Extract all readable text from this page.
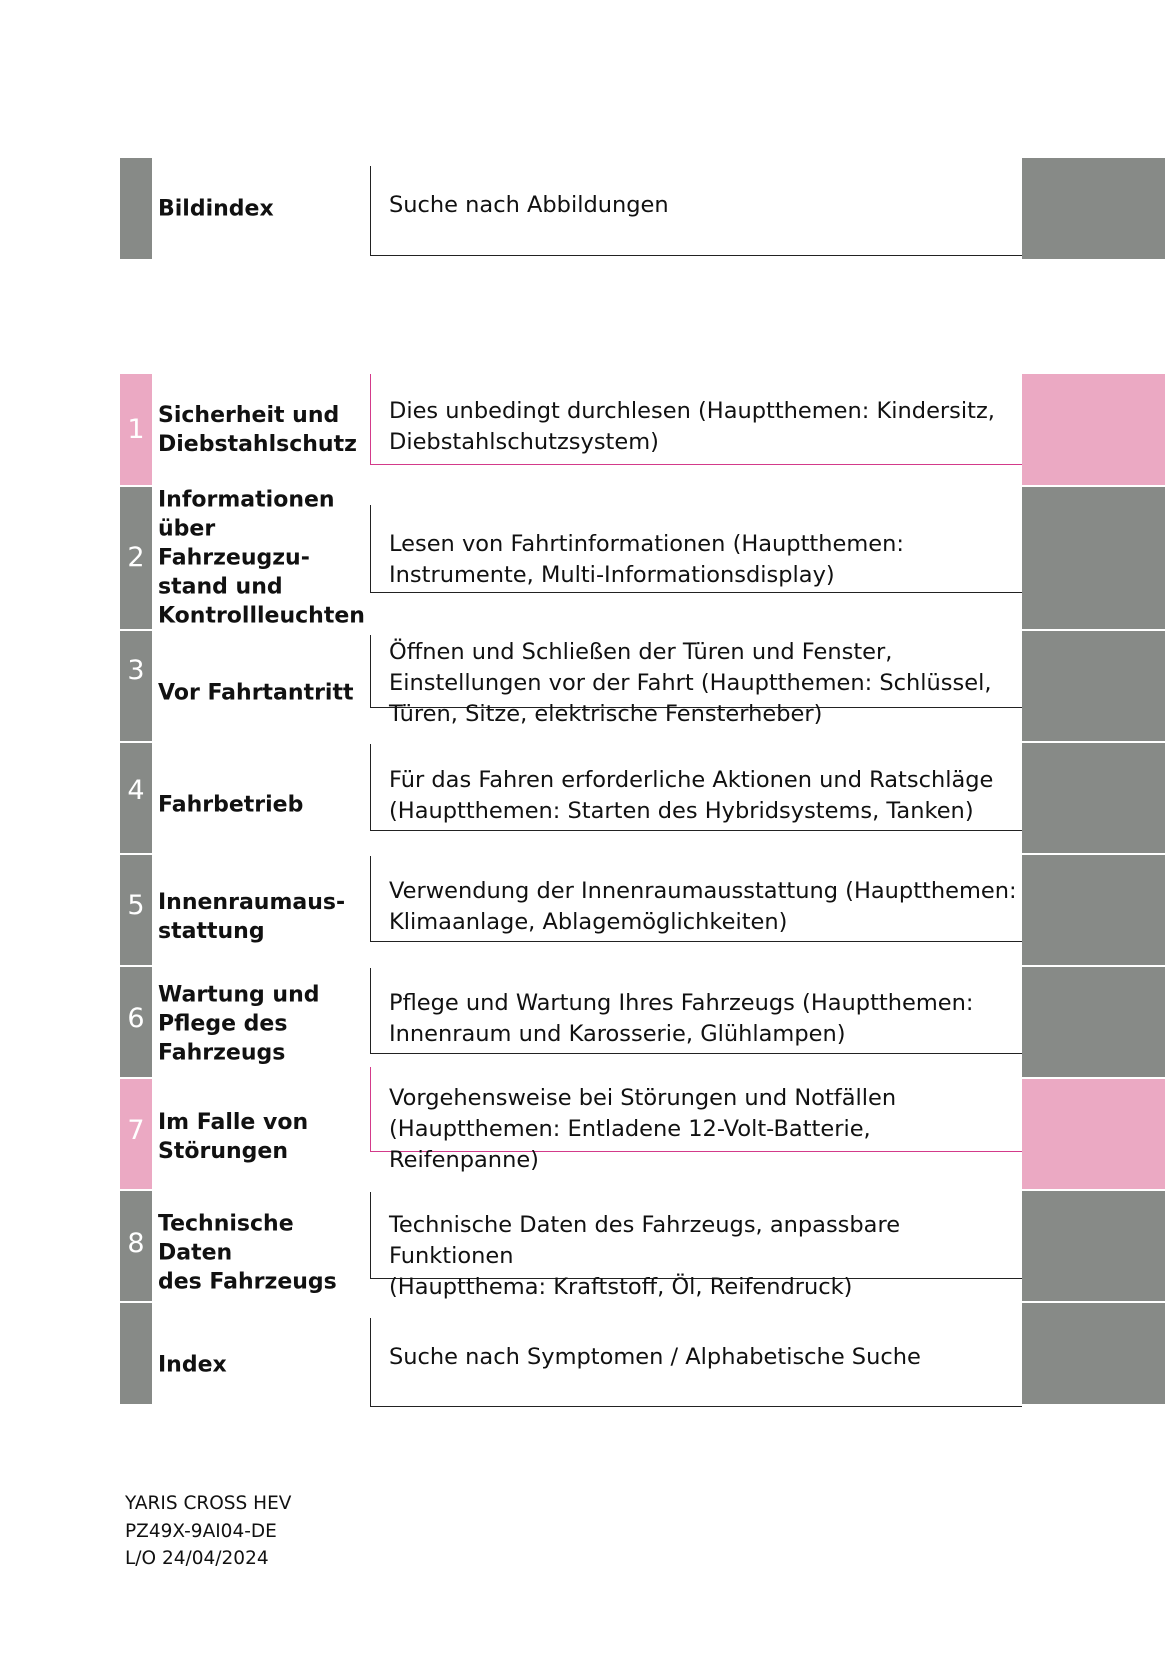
Bildindex	Suche nach Abbildungen
1 Sicherheit und
Diebstahlschutz
Dies unbedingt durchlesen (Hauptthemen: Kindersitz,
Diebstahlschutzsystem)
2
Informationen
über Fahrzeugzu-
stand und
Kontrollleuchten
Lesen von Fahrtinformationen (Hauptthemen:
Instrumente, Multi-Informationsdisplay)
3
Vor Fahrtantritt
Öffnen und Schließen der Türen und Fenster,
Einstellungen vor der Fahrt (Hauptthemen: Schlüssel,
Türen, Sitze, elektrische Fensterheber)
4 Fahrbetrieb
Für das Fahren erforderliche Aktionen und Ratschläge
(Hauptthemen: Starten des Hybridsystems, Tanken)
5 Innenraumaus-
stattung
Verwendung der Innenraumausstattung (Hauptthemen:
Klimaanlage, Ablagemöglichkeiten)
6
Wartung und
Pflege des
Fahrzeugs
Pflege und Wartung Ihres Fahrzeugs (Hauptthemen:
Innenraum und Karosserie, Glühlampen)
7 Im Falle von
Störungen
Vorgehensweise bei Störungen und Notfällen
(Hauptthemen: Entladene 12-Volt-Batterie,
Reifenpanne)
8
Technische Daten
des Fahrzeugs
Technische Daten des Fahrzeugs, anpassbare Funktionen
(Hauptthema: Kraftstoff, Öl, Reifendruck)
Index	Suche nach Symptomen / Alphabetische Suche
YARIS CROSS HEV
PZ49X-9AI04-DE
L/O 24/04/2024
